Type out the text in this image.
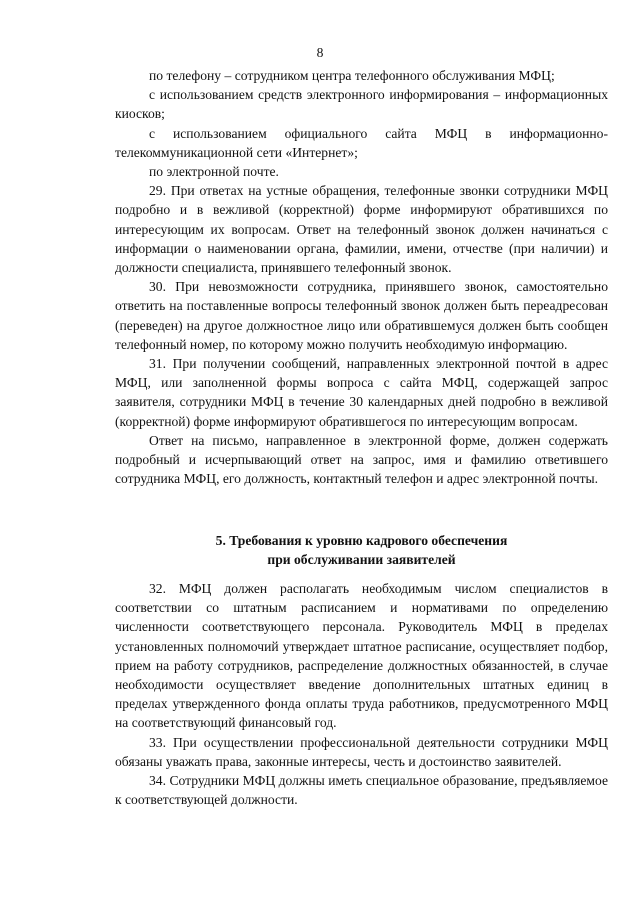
8

по телефону – сотрудником центра телефонного обслуживания МФЦ;

с использованием средств электронного информирования – информационных киосков;

с использованием официального сайта МФЦ в информационно-телекоммуникационной сети «Интернет»;

по электронной почте.

29. При ответах на устные обращения, телефонные звонки сотрудники МФЦ подробно и в вежливой (корректной) форме информируют обратившихся по интересующим их вопросам. Ответ на телефонный звонок должен начинаться с информации о наименовании органа, фамилии, имени, отчестве (при наличии) и должности специалиста, принявшего телефонный звонок.

30. При невозможности сотрудника, принявшего звонок, самостоятельно ответить на поставленные вопросы телефонный звонок должен быть переадресован (переведен) на другое должностное лицо или обратившемуся должен быть сообщен телефонный номер, по которому можно получить необходимую информацию.

31. При получении сообщений, направленных электронной почтой в адрес МФЦ, или заполненной формы вопроса с сайта МФЦ, содержащей запрос заявителя, сотрудники МФЦ в течение 30 календарных дней подробно в вежливой (корректной) форме информируют обратившегося по интересующим вопросам.

Ответ на письмо, направленное в электронной форме, должен содержать подробный и исчерпывающий ответ на запрос, имя и фамилию ответившего сотрудника МФЦ, его должность, контактный телефон и адрес электронной почты.

5. Требования к уровню кадрового обеспечения
при обслуживании заявителей

32. МФЦ должен располагать необходимым числом специалистов в соответствии со штатным расписанием и нормативами по определению численности соответствующего персонала. Руководитель МФЦ в пределах установленных полномочий утверждает штатное расписание, осуществляет подбор, прием на работу сотрудников, распределение должностных обязанностей, в случае необходимости осуществляет введение дополнительных штатных единиц в пределах утвержденного фонда оплаты труда работников, предусмотренного МФЦ на соответствующий финансовый год.

33. При осуществлении профессиональной деятельности сотрудники МФЦ обязаны уважать права, законные интересы, честь и достоинство заявителей.

34. Сотрудники МФЦ должны иметь специальное образование, предъявляемое к соответствующей должности.
